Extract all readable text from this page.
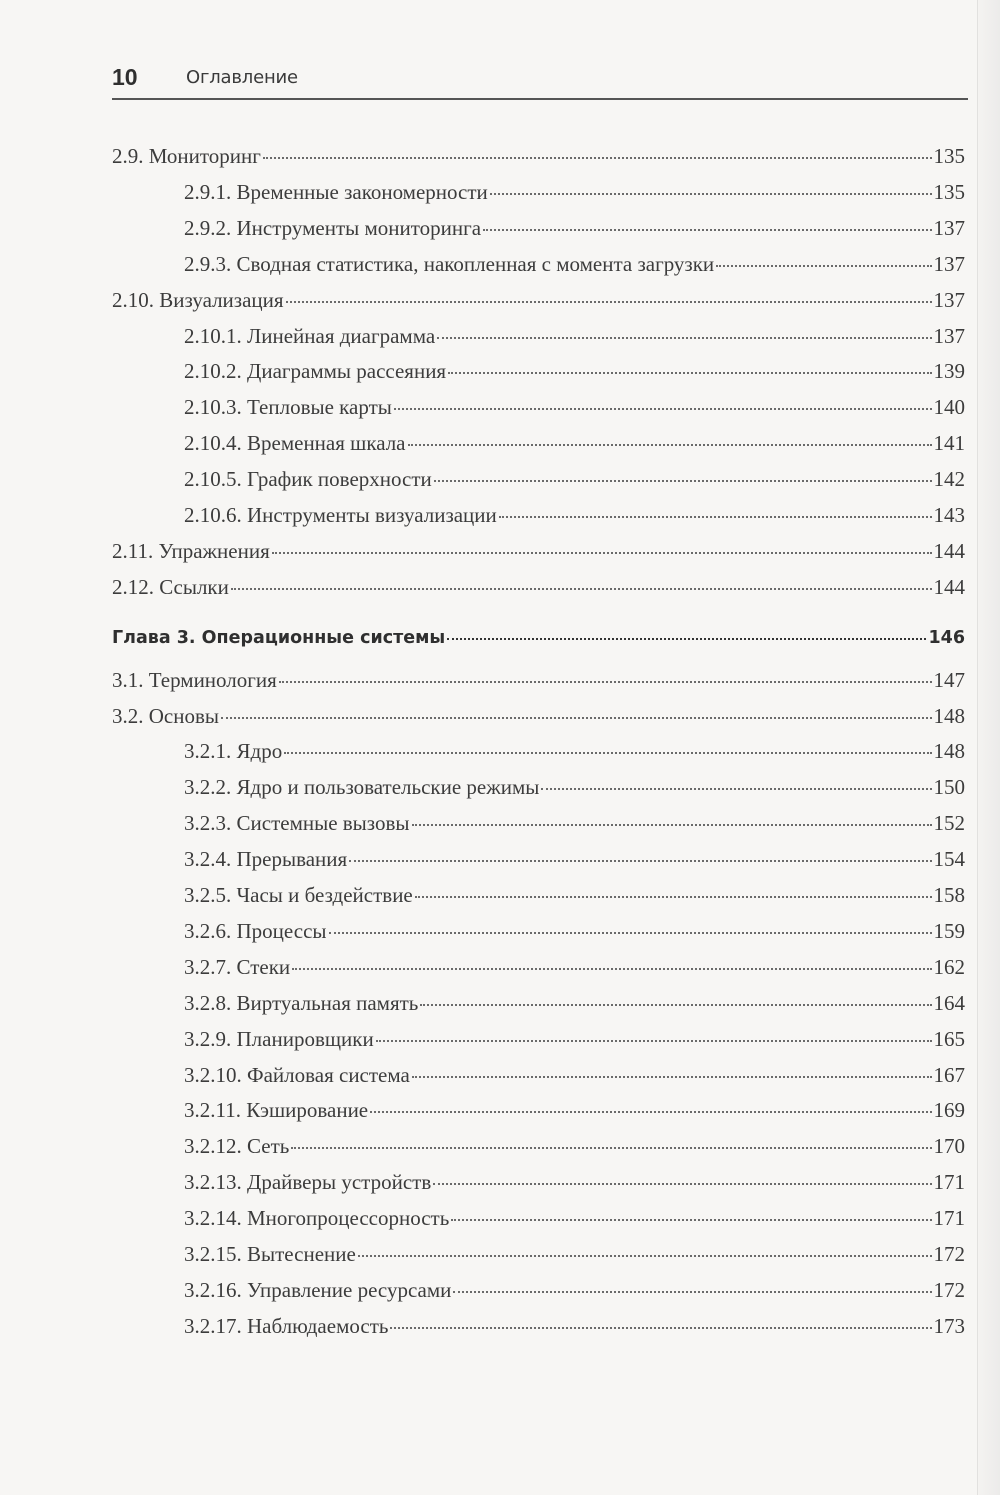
10	Оглавление
2.9. Мониторинг	135
2.9.1. Временные закономерности	135
2.9.2. Инструменты мониторинга	137
2.9.3. Сводная статистика, накопленная с момента загрузки	137
2.10. Визуализация	137
2.10.1. Линейная диаграмма	137
2.10.2. Диаграммы рассеяния	139
2.10.3. Тепловые карты	140
2.10.4. Временная шкала	141
2.10.5. График поверхности	142
2.10.6. Инструменты визуализации	143
2.11. Упражнения	144
2.12. Ссылки	144
Глава 3. Операционные системы	146
3.1. Терминология	147
3.2. Основы	148
3.2.1. Ядро	148
3.2.2. Ядро и пользовательские режимы	150
3.2.3. Системные вызовы	152
3.2.4. Прерывания	154
3.2.5. Часы и бездействие	158
3.2.6. Процессы	159
3.2.7. Стеки	162
3.2.8. Виртуальная память	164
3.2.9. Планировщики	165
3.2.10. Файловая система	167
3.2.11. Кэширование	169
3.2.12. Сеть	170
3.2.13. Драйверы устройств	171
3.2.14. Многопроцессорность	171
3.2.15. Вытеснение	172
3.2.16. Управление ресурсами	172
3.2.17. Наблюдаемость	173
